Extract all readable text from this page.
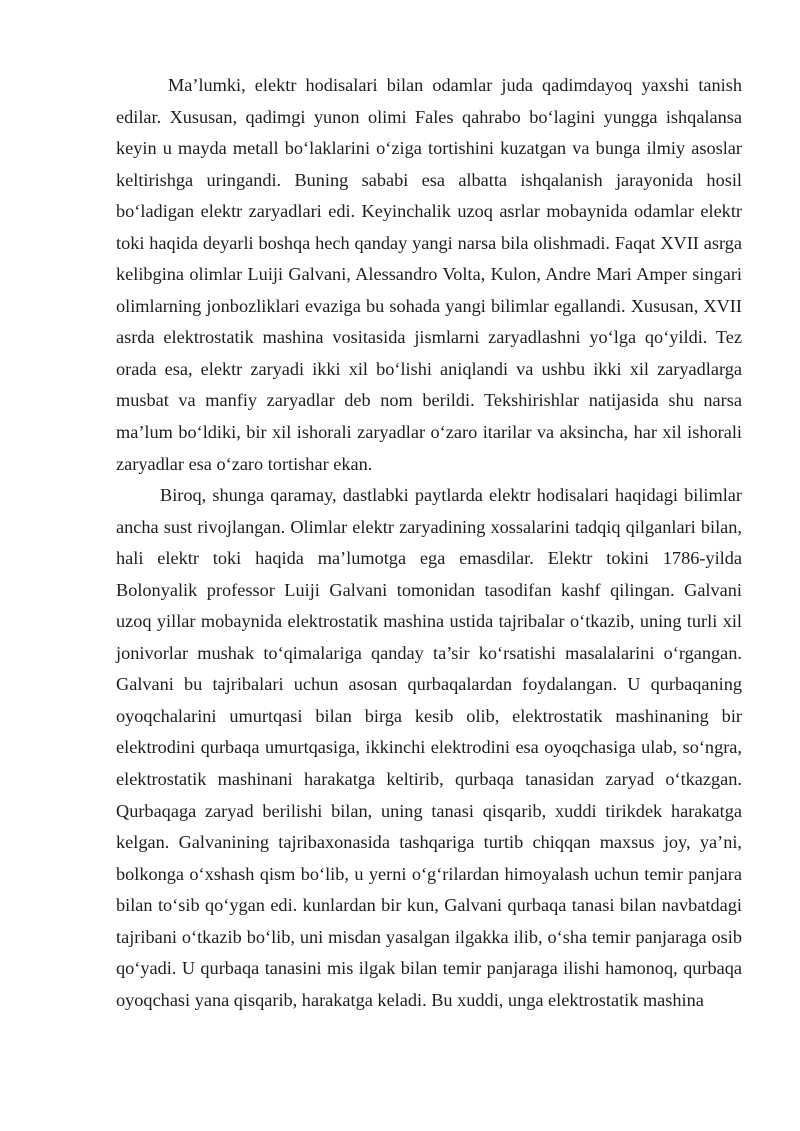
Ma’lumki, elektr hodisalari bilan odamlar juda qadimdayoq yaxshi tanish edilar. Xususan, qadimgi yunon olimi Fales qahrabo bo‘lagini yungga ishqalansa keyin u mayda metall bo‘laklarini o‘ziga tortishini kuzatgan va bunga ilmiy asoslar keltirishga uringandi. Buning sababi esa albatta ishqalanish jarayonida hosil bo‘ladigan elektr zaryadlari edi. Keyinchalik uzoq asrlar mobaynida odamlar elektr toki haqida deyarli boshqa hech qanday yangi narsa bila olishmadi. Faqat XVII asrga kelibgina olimlar Luiji Galvani, Alessandro Volta, Kulon, Andre Mari Amper singari olimlarning jonbozliklari evaziga bu sohada yangi bilimlar egallandi. Xususan, XVII asrda elektrostatik mashina vositasida jismlarni zaryadlashni yo‘lga qo‘yildi. Tez orada esa, elektr zaryadi ikki xil bo‘lishi aniqlandi va ushbu ikki xil zaryadlarga musbat va manfiy zaryadlar deb nom berildi. Tekshirishlar natijasida shu narsa ma’lum bo‘ldiki, bir xil ishorali zaryadlar o‘zaro itarilar va aksincha, har xil ishorali zaryadlar esa o‘zaro tortishar ekan.

Biroq, shunga qaramay, dastlabki paytlarda elektr hodisalari haqidagi bilimlar ancha sust rivojlangan. Olimlar elektr zaryadining xossalarini tadqiq qilganlari bilan, hali elektr toki haqida ma’lumotga ega emasdilar. Elektr tokini 1786-yilda Bolonyalik professor Luiji Galvani tomonidan tasodifan kashf qilingan. Galvani uzoq yillar mobaynida elektrostatik mashina ustida tajribalar o‘tkazib, uning turli xil jonivorlar mushak to‘qimalariga qanday ta’sir ko‘rsatishi masalalarini o‘rgangan. Galvani bu tajribalari uchun asosan qurbaqalardan foydalangan. U qurbaqaning oyoqchalarini umurtqasi bilan birga kesib olib, elektrostatik mashinaning bir elektrodini qurbaqa umurtqasiga, ikkinchi elektrodini esa oyoqchasiga ulab, so‘ngra, elektrostatik mashinani harakatga keltirib, qurbaqa tanasidan zaryad o‘tkazgan. Qurbaqaga zaryad berilishi bilan, uning tanasi qisqarib, xuddi tirikdek harakatga kelgan. Galvanining tajribaxonasida tashqariga turtib chiqqan maxsus joy, ya’ni, bolkonga o‘xshash qism bo‘lib, u yerni o‘g‘rilardan himoyalash uchun temir panjara bilan to‘sib qo‘ygan edi. kunlardan bir kun, Galvani qurbaqa tanasi bilan navbatdagi tajribani o‘tkazib bo‘lib, uni misdan yasalgan ilgakka ilib, o‘sha temir panjaraga osib qo‘yadi. U qurbaqa tanasini mis ilgak bilan temir panjaraga ilishi hamonoq, qurbaqa oyoqchasi yana qisqarib, harakatga keladi. Bu xuddi, unga elektrostatik mashina
